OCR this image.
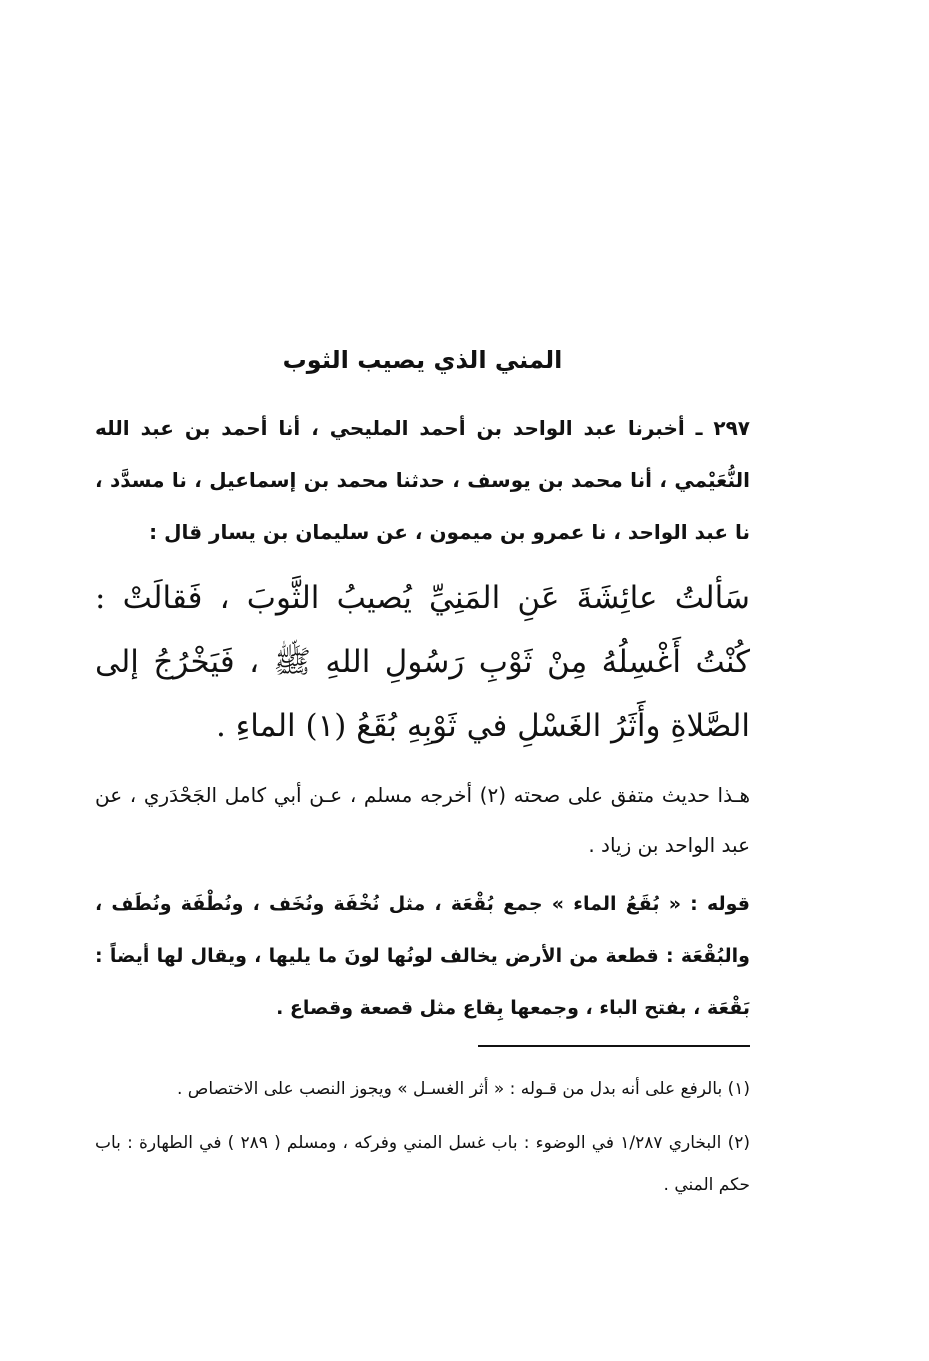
المني الذي يصيب الثوب

٢٩٧ ـ أخبرنا عبد الواحد بن أحمد المليحي ، أنا أحمد بن عبد الله النُّعَيْمي ، أنا محمد بن يوسف ، حدثنا محمد بن إسماعيل ، نا مسدَّد ، نا عبد الواحد ، نا عمرو بن ميمون ، عن سليمان بن يسار قال :

سَألتُ عائِشَةَ عَنِ المَنِيِّ يُصيبُ الثَّوبَ ، فَقالَتْ : كُنْتُ أَغْسِلُهُ مِنْ ثَوْبِ رَسُولِ اللهِ ﷺ ، فَيَخْرُجُ إلى الصَّلاةِ وأَثَرُ الغَسْلِ في ثَوْبِهِ بُقَعُ (١) الماءِ .

هـذا حديث متفق على صحته (٢) أخرجه مسلم ، عـن أبي كامل الجَحْدَري ، عن عبد الواحد بن زياد .

قوله : « بُقَعُ الماء » جمع بُقْعَة ، مثل نُخْفَة ونُخَف ، ونُطْفَة ونُطَف ، والبُقْعَة : قطعة من الأرض يخالف لونُها لونَ ما يليها ، ويقال لها أيضاً : بَقْعَة ، بفتح الباء ، وجمعها بِقاع مثل قصعة وقصاع .

(١) بالرفع على أنه بدل من قـوله : « أثر الغسـل » ويجوز النصب على الاختصاص .

(٢) البخاري ١/٢٨٧ في الوضوء : باب غسل المني وفركه ، ومسلم ( ٢٨٩ ) في الطهارة : باب حكم المني .
